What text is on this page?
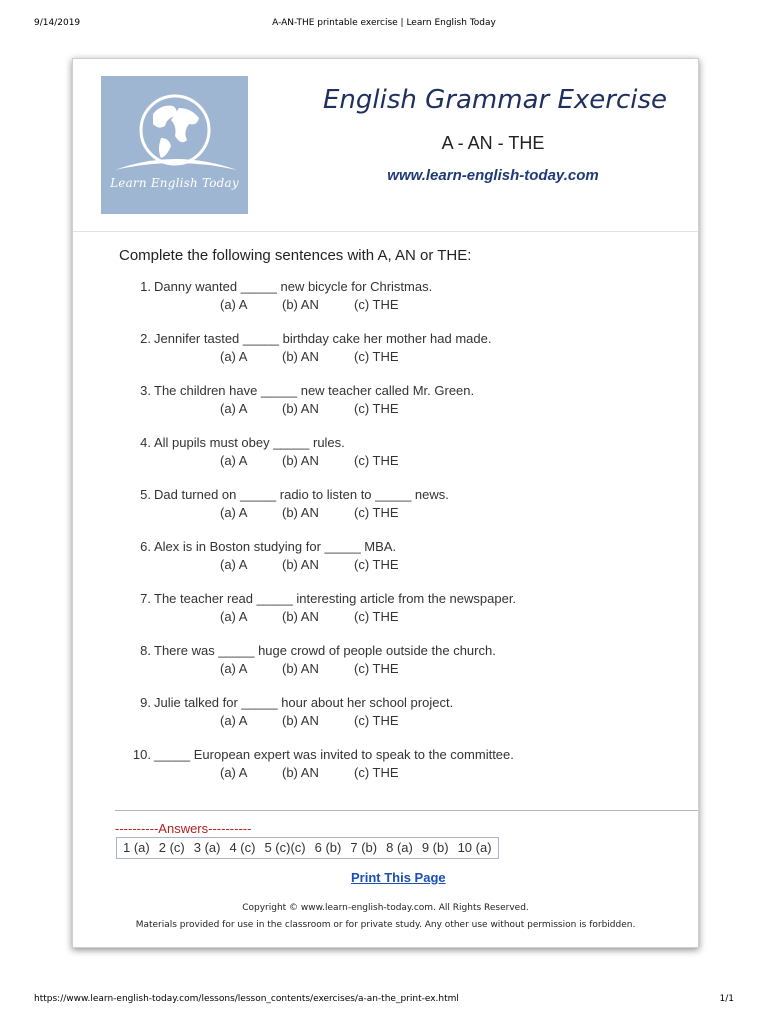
9/14/2019	A-AN-THE printable exercise | Learn English Today
Learn English Today
English Grammar Exercise
A - AN - THE
www.learn-english-today.com
Complete the following sentences with A, AN or THE:
1. Danny wanted _____ new bicycle for Christmas.
(a) A	(b) AN	(c) THE
2. Jennifer tasted _____ birthday cake her mother had made.
(a) A	(b) AN	(c) THE
3. The children have _____ new teacher called Mr. Green.
(a) A	(b) AN	(c) THE
4. All pupils must obey _____ rules.
(a) A	(b) AN	(c) THE
5. Dad turned on _____ radio to listen to _____ news.
(a) A	(b) AN	(c) THE
6. Alex is in Boston studying for _____ MBA.
(a) A	(b) AN	(c) THE
7. The teacher read _____ interesting article from the newspaper.
(a) A	(b) AN	(c) THE
8. There was _____ huge crowd of people outside the church.
(a) A	(b) AN	(c) THE
9. Julie talked for _____ hour about her school project.
(a) A	(b) AN	(c) THE
10. _____ European expert was invited to speak to the committee.
(a) A	(b) AN	(c) THE
----------Answers----------
1 (a) 2 (c) 3 (a) 4 (c) 5 (c)(c) 6 (b) 7 (b) 8 (a) 9 (b) 10 (a)
Print This Page
Copyright © www.learn-english-today.com. All Rights Reserved.
Materials provided for use in the classroom or for private study. Any other use without permission is forbidden.
https://www.learn-english-today.com/lessons/lesson_contents/exercises/a-an-the_print-ex.html	1/1
